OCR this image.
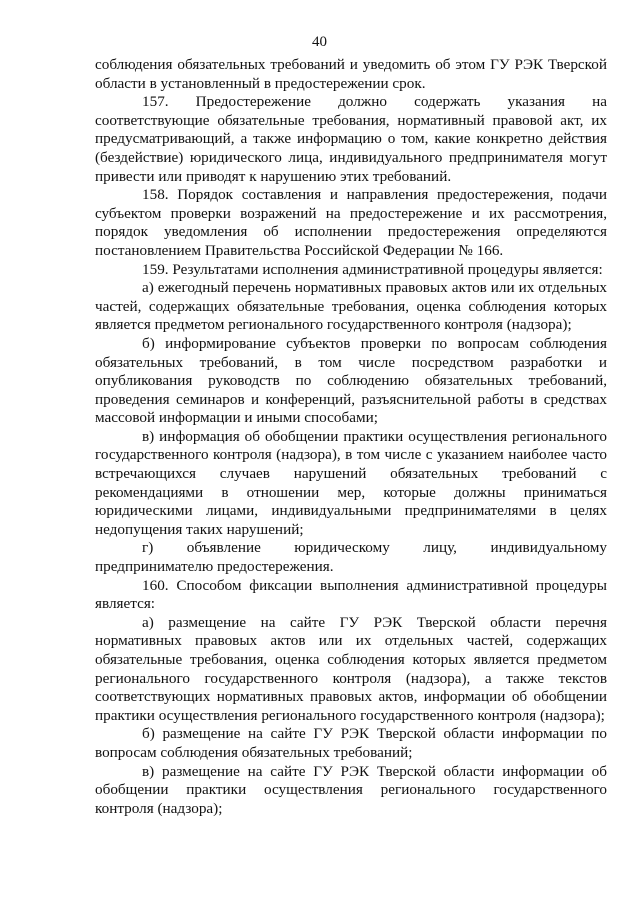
40

соблюдения обязательных требований и уведомить об этом ГУ РЭК Тверской области в установленный в предостережении срок.

157. Предостережение должно содержать указания на соответствующие обязательные требования, нормативный правовой акт, их предусматривающий, а также информацию о том, какие конкретно действия (бездействие) юридического лица, индивидуального предпринимателя могут привести или приводят к нарушению этих требований.

158. Порядок составления и направления предостережения, подачи субъектом проверки возражений на предостережение и их рассмотрения, порядок уведомления об исполнении предостережения определяются постановлением Правительства Российской Федерации № 166.

159. Результатами исполнения административной процедуры является:

а) ежегодный перечень нормативных правовых актов или их отдельных частей, содержащих обязательные требования, оценка соблюдения которых является предметом регионального государственного контроля (надзора);

б) информирование субъектов проверки по вопросам соблюдения обязательных требований, в том числе посредством разработки и опубликования руководств по соблюдению обязательных требований, проведения семинаров и конференций, разъяснительной работы в средствах массовой информации и иными способами;

в) информация об обобщении практики осуществления регионального государственного контроля (надзора), в том числе с указанием наиболее часто встречающихся случаев нарушений обязательных требований с рекомендациями в отношении мер, которые должны приниматься юридическими лицами, индивидуальными предпринимателями в целях недопущения таких нарушений;

г) объявление юридическому лицу, индивидуальному предпринимателю предостережения.

160. Способом фиксации выполнения административной процедуры является:

а) размещение на сайте ГУ РЭК Тверской области перечня нормативных правовых актов или их отдельных частей, содержащих обязательные требования, оценка соблюдения которых является предметом регионального государственного контроля (надзора), а также текстов соответствующих нормативных правовых актов, информации об обобщении практики осуществления регионального государственного контроля (надзора);

б) размещение на сайте ГУ РЭК Тверской области информации по вопросам соблюдения обязательных требований;

в) размещение на сайте ГУ РЭК Тверской области информации об обобщении практики осуществления регионального государственного контроля (надзора);
